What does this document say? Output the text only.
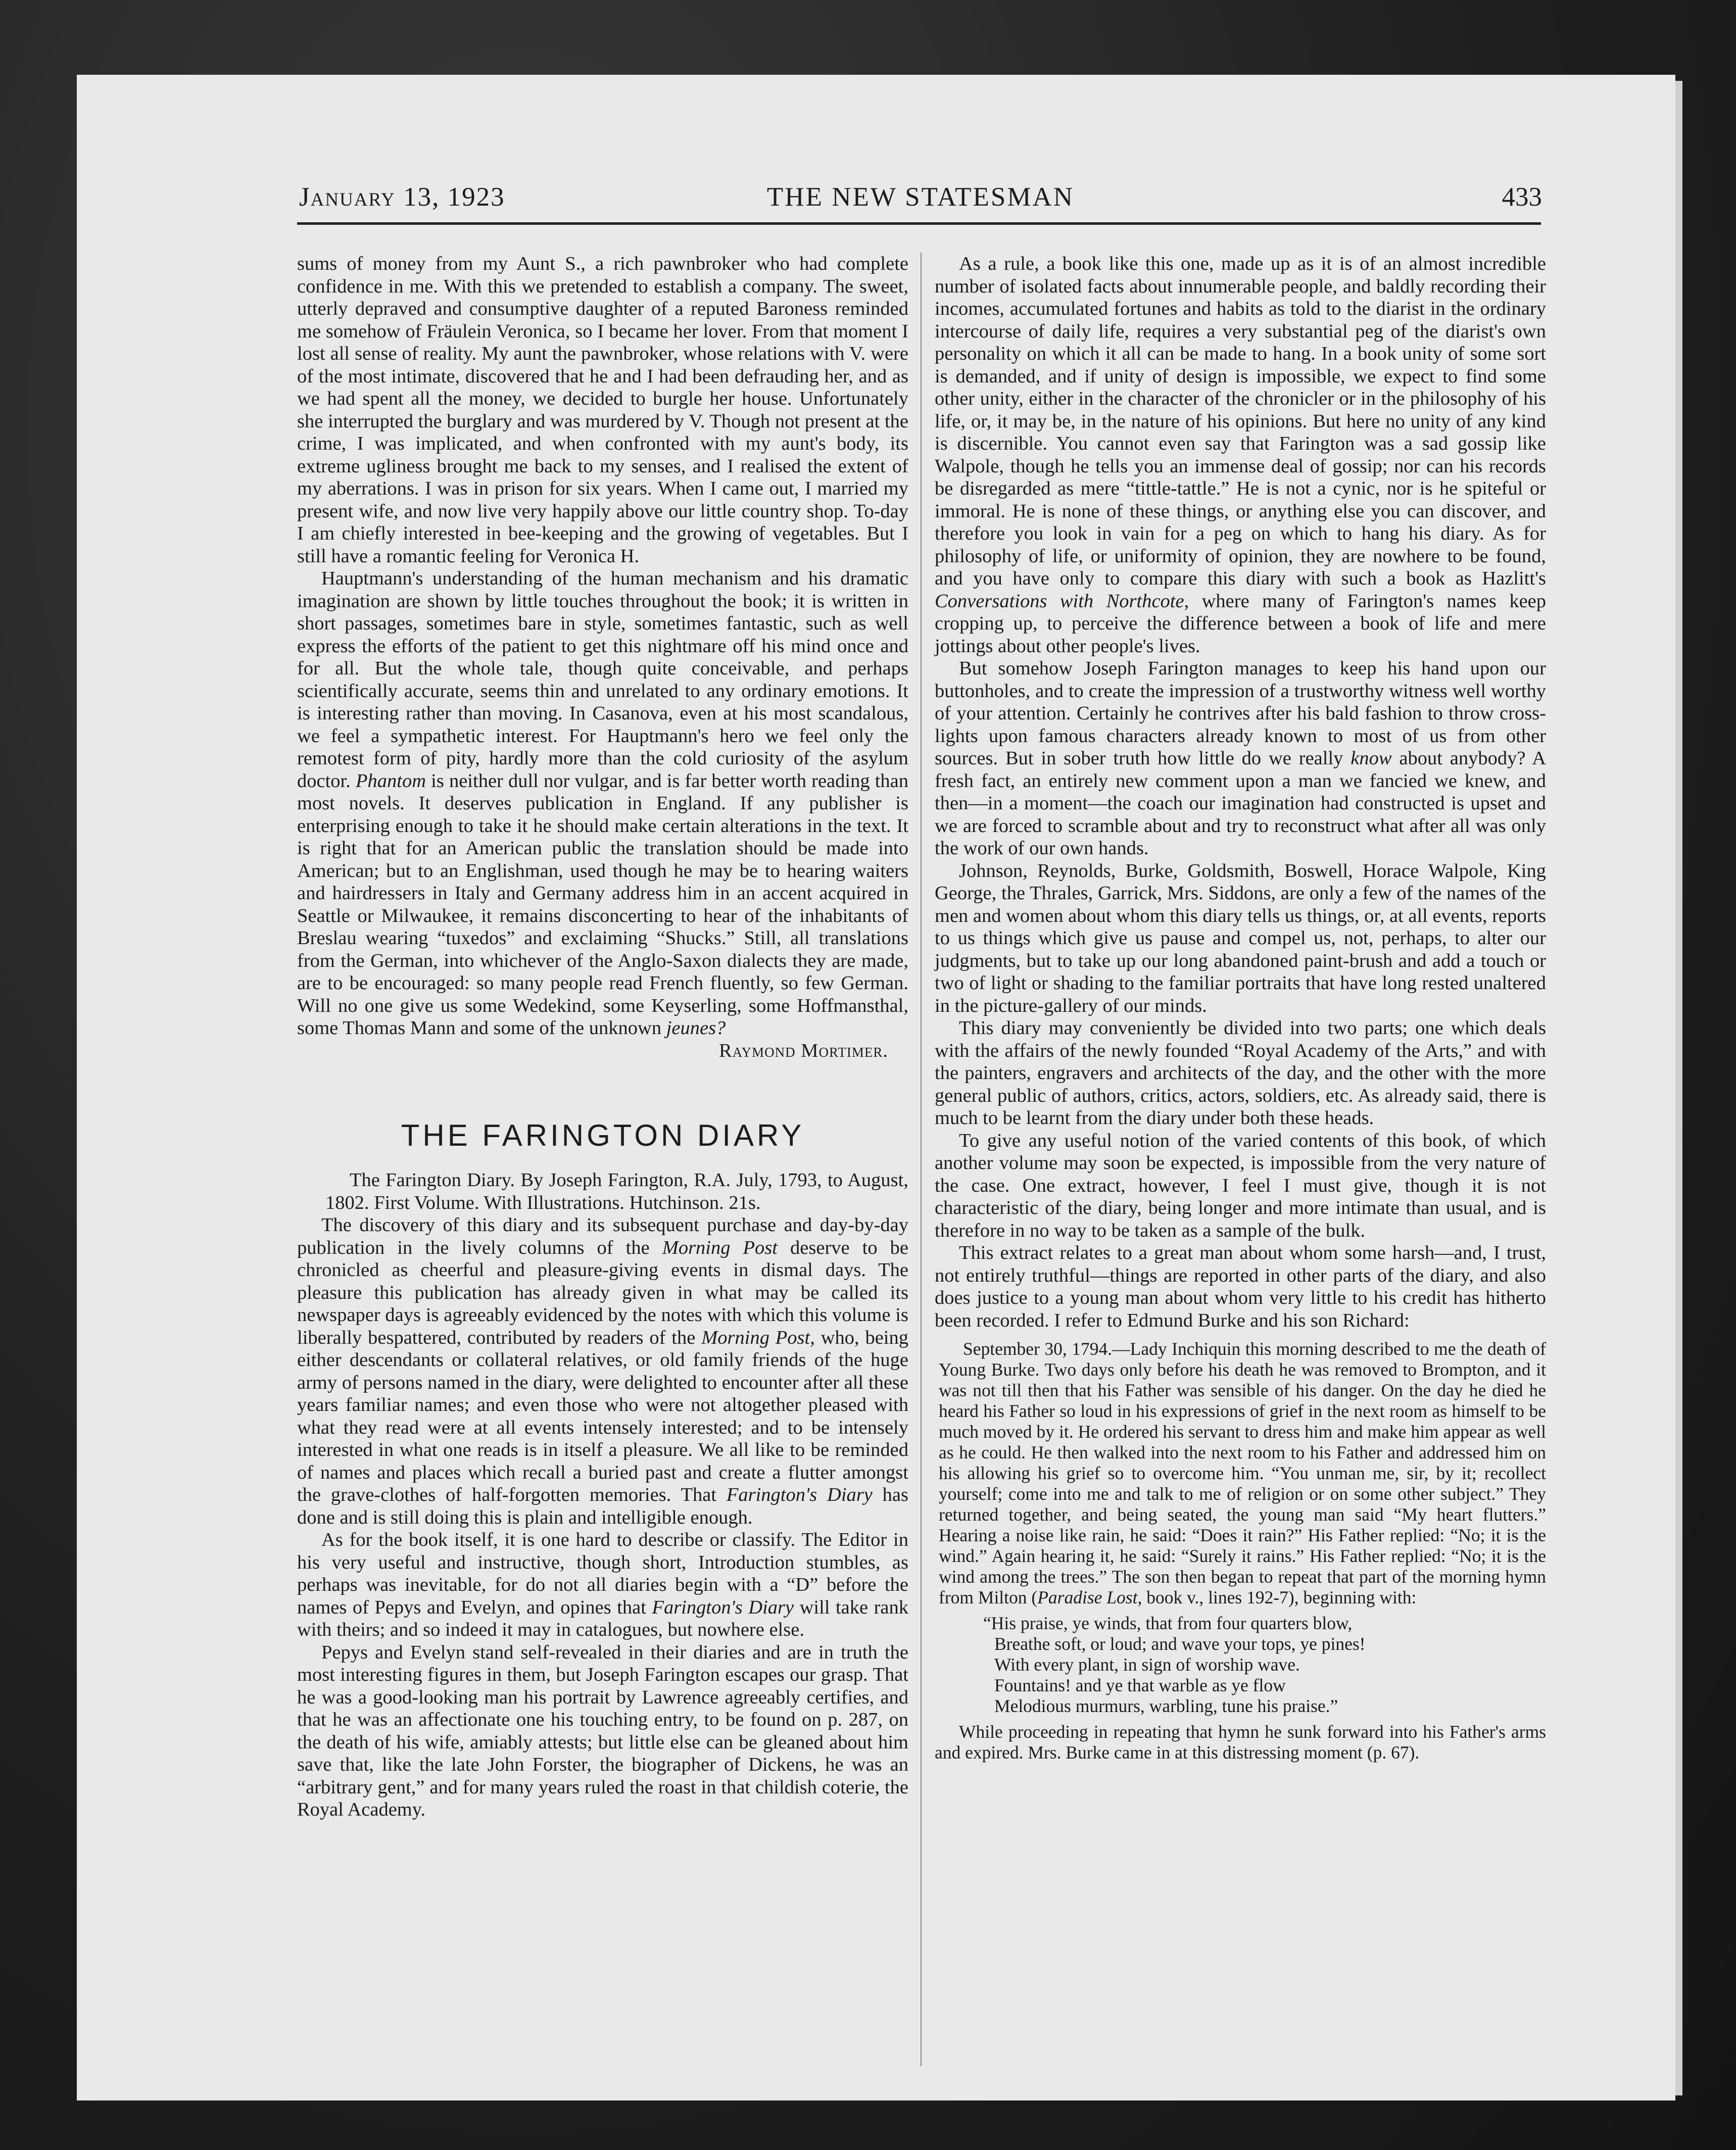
January 13, 1923	THE NEW STATESMAN	433

sums of money from my Aunt S., a rich pawnbroker who had complete confidence in me. With this we pretended to establish a company. The sweet, utterly depraved and consumptive daughter of a reputed Baroness reminded me somehow of Fräulein Veronica, so I became her lover. From that moment I lost all sense of reality. My aunt the pawnbroker, whose relations with V. were of the most intimate, discovered that he and I had been defrauding her, and as we had spent all the money, we decided to burgle her house. Unfortunately she interrupted the burglary and was murdered by V. Though not present at the crime, I was implicated, and when confronted with my aunt's body, its extreme ugliness brought me back to my senses, and I realised the extent of my aberrations. I was in prison for six years. When I came out, I married my present wife, and now live very happily above our little country shop. To-day I am chiefly interested in bee-keeping and the growing of vegetables. But I still have a romantic feeling for Veronica H.

Hauptmann's understanding of the human mechanism and his dramatic imagination are shown by little touches throughout the book; it is written in short passages, sometimes bare in style, sometimes fantastic, such as well express the efforts of the patient to get this nightmare off his mind once and for all. But the whole tale, though quite conceivable, and perhaps scientifically accurate, seems thin and unrelated to any ordinary emotions. It is interesting rather than moving. In Casanova, even at his most scandalous, we feel a sympathetic interest. For Hauptmann's hero we feel only the remotest form of pity, hardly more than the cold curiosity of the asylum doctor. Phantom is neither dull nor vulgar, and is far better worth reading than most novels. It deserves publication in England. If any publisher is enterprising enough to take it he should make certain alterations in the text. It is right that for an American public the translation should be made into American; but to an Englishman, used though he may be to hearing waiters and hairdressers in Italy and Germany address him in an accent acquired in Seattle or Milwaukee, it remains disconcerting to hear of the inhabitants of Breslau wearing “tuxedos” and exclaiming “Shucks.” Still, all translations from the German, into whichever of the Anglo-Saxon dialects they are made, are to be encouraged: so many people read French fluently, so few German. Will no one give us some Wedekind, some Keyserling, some Hoffmansthal, some Thomas Mann and some of the unknown jeunes?

Raymond Mortimer.

THE FARINGTON DIARY

The Farington Diary. By Joseph Farington, R.A. July, 1793, to August, 1802. First Volume. With Illustrations. Hutchinson. 21s.

The discovery of this diary and its subsequent purchase and day-by-day publication in the lively columns of the Morning Post deserve to be chronicled as cheerful and pleasure-giving events in dismal days. The pleasure this publication has already given in what may be called its newspaper days is agreeably evidenced by the notes with which this volume is liberally bespattered, contributed by readers of the Morning Post, who, being either descendants or collateral relatives, or old family friends of the huge army of persons named in the diary, were delighted to encounter after all these years familiar names; and even those who were not altogether pleased with what they read were at all events intensely interested; and to be intensely interested in what one reads is in itself a pleasure. We all like to be reminded of names and places which recall a buried past and create a flutter amongst the grave-clothes of half-forgotten memories. That Farington's Diary has done and is still doing this is plain and intelligible enough.

As for the book itself, it is one hard to describe or classify. The Editor in his very useful and instructive, though short, Introduction stumbles, as perhaps was inevitable, for do not all diaries begin with a “D” before the names of Pepys and Evelyn, and opines that Farington's Diary will take rank with theirs; and so indeed it may in catalogues, but nowhere else.

Pepys and Evelyn stand self-revealed in their diaries and are in truth the most interesting figures in them, but Joseph Farington escapes our grasp. That he was a good-looking man his portrait by Lawrence agreeably certifies, and that he was an affectionate one his touching entry, to be found on p. 287, on the death of his wife, amiably attests; but little else can be gleaned about him save that, like the late John Forster, the biographer of Dickens, he was an “arbitrary gent,” and for many years ruled the roast in that childish coterie, the Royal Academy.

As a rule, a book like this one, made up as it is of an almost incredible number of isolated facts about innumerable people, and baldly recording their incomes, accumulated fortunes and habits as told to the diarist in the ordinary intercourse of daily life, requires a very substantial peg of the diarist's own personality on which it all can be made to hang. In a book unity of some sort is demanded, and if unity of design is impossible, we expect to find some other unity, either in the character of the chronicler or in the philosophy of his life, or, it may be, in the nature of his opinions. But here no unity of any kind is discernible. You cannot even say that Farington was a sad gossip like Walpole, though he tells you an immense deal of gossip; nor can his records be disregarded as mere “tittle-tattle.” He is not a cynic, nor is he spiteful or immoral. He is none of these things, or anything else you can discover, and therefore you look in vain for a peg on which to hang his diary. As for philosophy of life, or uniformity of opinion, they are nowhere to be found, and you have only to compare this diary with such a book as Hazlitt's Conversations with Northcote, where many of Farington's names keep cropping up, to perceive the difference between a book of life and mere jottings about other people's lives.

But somehow Joseph Farington manages to keep his hand upon our buttonholes, and to create the impression of a trustworthy witness well worthy of your attention. Certainly he contrives after his bald fashion to throw cross-lights upon famous characters already known to most of us from other sources. But in sober truth how little do we really know about anybody? A fresh fact, an entirely new comment upon a man we fancied we knew, and then—in a moment—the coach our imagination had constructed is upset and we are forced to scramble about and try to reconstruct what after all was only the work of our own hands.

Johnson, Reynolds, Burke, Goldsmith, Boswell, Horace Walpole, King George, the Thrales, Garrick, Mrs. Siddons, are only a few of the names of the men and women about whom this diary tells us things, or, at all events, reports to us things which give us pause and compel us, not, perhaps, to alter our judgments, but to take up our long abandoned paint-brush and add a touch or two of light or shading to the familiar portraits that have long rested unaltered in the picture-gallery of our minds.

This diary may conveniently be divided into two parts; one which deals with the affairs of the newly founded “Royal Academy of the Arts,” and with the painters, engravers and architects of the day, and the other with the more general public of authors, critics, actors, soldiers, etc. As already said, there is much to be learnt from the diary under both these heads.

To give any useful notion of the varied contents of this book, of which another volume may soon be expected, is impossible from the very nature of the case. One extract, however, I feel I must give, though it is not characteristic of the diary, being longer and more intimate than usual, and is therefore in no way to be taken as a sample of the bulk.

This extract relates to a great man about whom some harsh—and, I trust, not entirely truthful—things are reported in other parts of the diary, and also does justice to a young man about whom very little to his credit has hitherto been recorded. I refer to Edmund Burke and his son Richard:

September 30, 1794.—Lady Inchiquin this morning described to me the death of Young Burke. Two days only before his death he was removed to Brompton, and it was not till then that his Father was sensible of his danger. On the day he died he heard his Father so loud in his expressions of grief in the next room as himself to be much moved by it. He ordered his servant to dress him and make him appear as well as he could. He then walked into the next room to his Father and addressed him on his allowing his grief so to overcome him. “You unman me, sir, by it; recollect yourself; come into me and talk to me of religion or on some other subject.” They returned together, and being seated, the young man said “My heart flutters.” Hearing a noise like rain, he said: “Does it rain?” His Father replied: “No; it is the wind.” Again hearing it, he said: “Surely it rains.” His Father replied: “No; it is the wind among the trees.” The son then began to repeat that part of the morning hymn from Milton (Paradise Lost, book v., lines 192-7), beginning with:

“His praise, ye winds, that from four quarters blow,
Breathe soft, or loud; and wave your tops, ye pines!
With every plant, in sign of worship wave.
Fountains! and ye that warble as ye flow
Melodious murmurs, warbling, tune his praise.”

While proceeding in repeating that hymn he sunk forward into his Father's arms and expired. Mrs. Burke came in at this distressing moment (p. 67).
